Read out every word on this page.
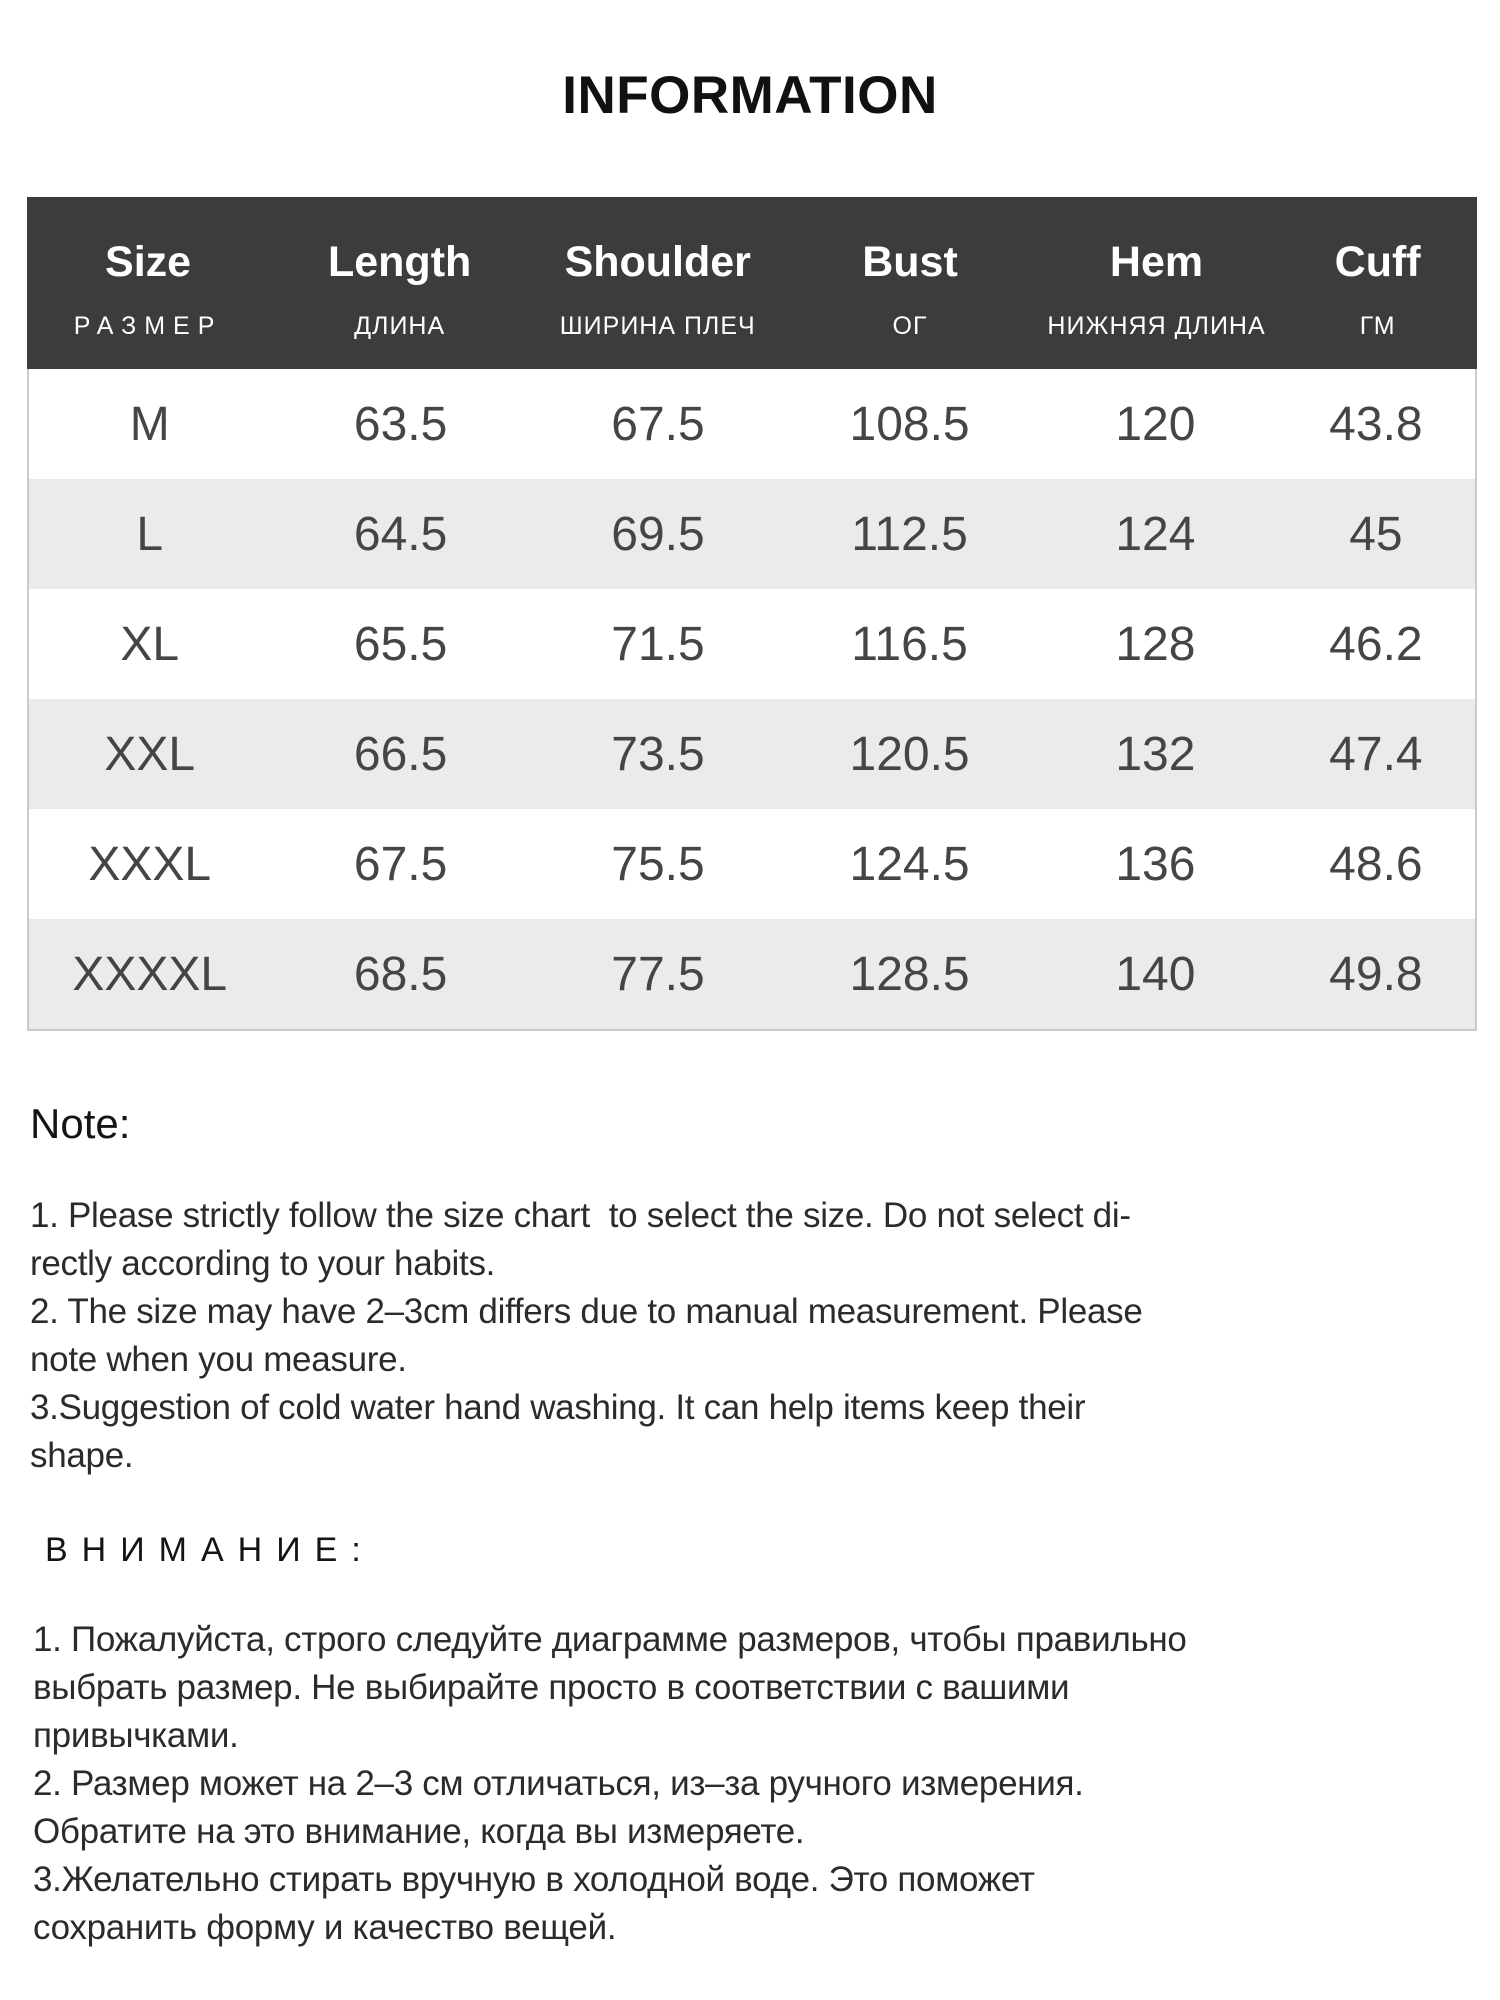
INFORMATION
Size	Length	Shoulder	Bust	Hem	Cuff
РАЗМЕР	ДЛИНА	ШИРИНА ПЛЕЧ	ОГ	НИЖНЯЯ ДЛИНА	ГМ
M	63.5	67.5	108.5	120	43.8
L	64.5	69.5	112.5	124	45
XL	65.5	71.5	116.5	128	46.2
XXL	66.5	73.5	120.5	132	47.4
XXXL	67.5	75.5	124.5	136	48.6
XXXXL	68.5	77.5	128.5	140	49.8
Note:
1. Please strictly follow the size chart  to select the size. Do not select di-
rectly according to your habits.
2. The size may have 2–3cm differs due to manual measurement. Please
note when you measure.
3.Suggestion of cold water hand washing. It can help items keep their
shape.
ВНИМАНИЕ:
1. Пожалуйста, строго следуйте диаграмме размеров, чтобы правильно
выбрать размер. Не выбирайте просто в соответствии с вашими
привычками.
2. Размер может на 2–3 см отличаться, из–за ручного измерения.
Обратите на это внимание, когда вы измеряете.
3.Желательно стирать вручную в холодной воде. Это поможет
сохранить форму и качество вещей.
